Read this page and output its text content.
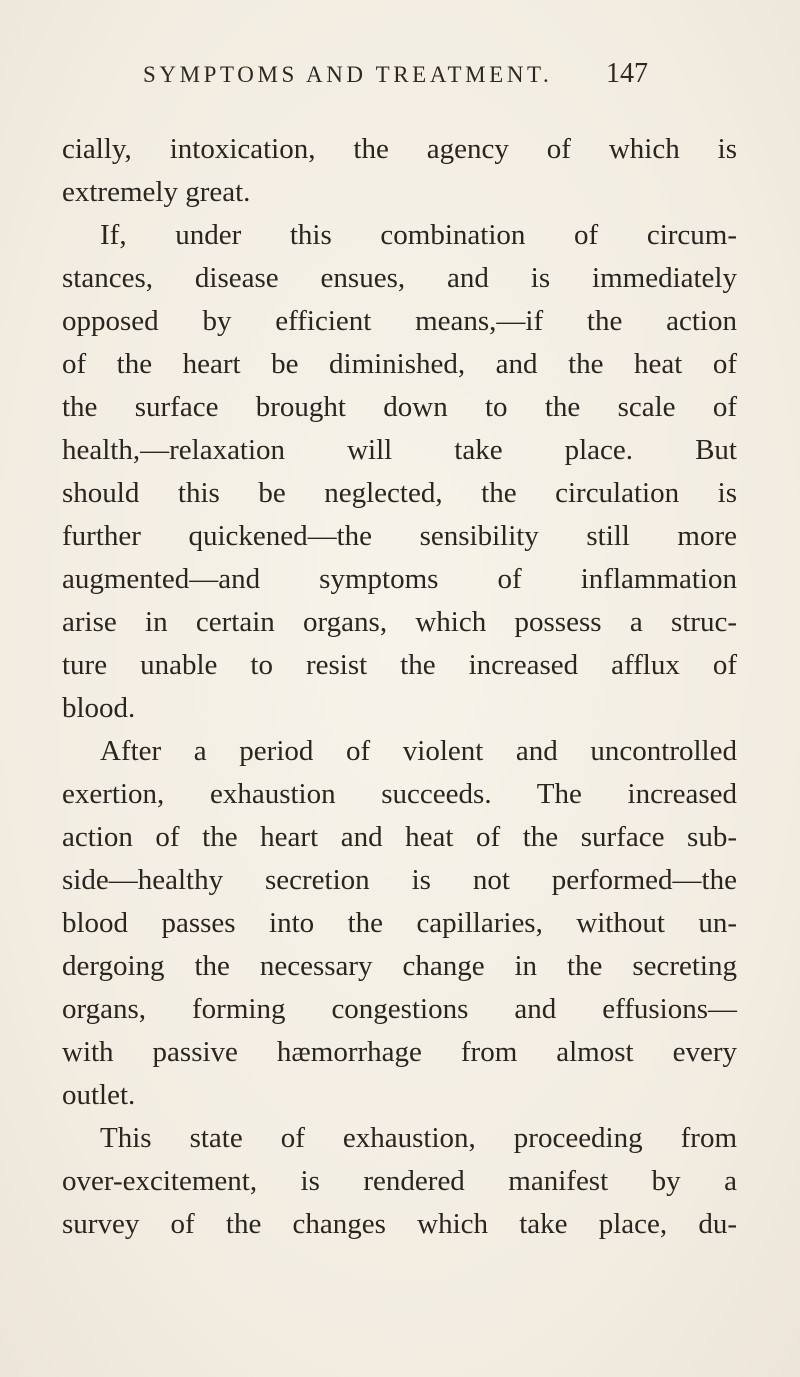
SYMPTOMS AND TREATMENT. 147
cially, intoxication, the agency of which is
extremely great.
If, under this combination of circum-
stances, disease ensues, and is immediately
opposed by efficient means,—if the action
of the heart be diminished, and the heat of
the surface brought down to the scale of
health,—relaxation will take place. But
should this be neglected, the circulation is
further quickened—the sensibility still more
augmented—and symptoms of inflammation
arise in certain organs, which possess a struc-
ture unable to resist the increased afflux of
blood.
After a period of violent and uncontrolled
exertion, exhaustion succeeds. The increased
action of the heart and heat of the surface sub-
side—healthy secretion is not performed—the
blood passes into the capillaries, without un-
dergoing the necessary change in the secreting
organs, forming congestions and effusions—
with passive hæmorrhage from almost every
outlet.
This state of exhaustion, proceeding from
over-excitement, is rendered manifest by a
survey of the changes which take place, du-
